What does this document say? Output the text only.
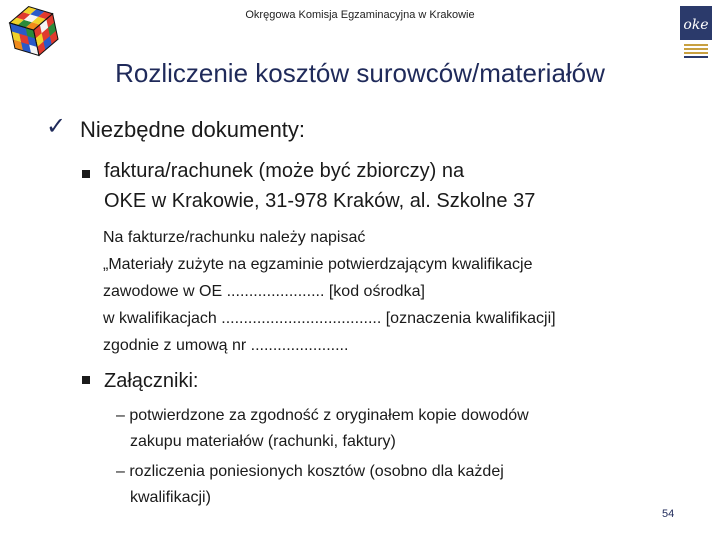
Okręgowa Komisja Egzaminacyjna w Krakowie
oke
Rozliczenie kosztów surowców/materiałów
✓ Niezbędne dokumenty:
faktura/rachunek (może być zbiorczy) na
OKE w Krakowie, 31-978 Kraków, al. Szkolne 37
Na fakturze/rachunku należy napisać
„Materiały zużyte na egzaminie potwierdzającym kwalifikacje
zawodowe w OE ...................... [kod ośrodka]
w kwalifikacjach .................................... [oznaczenia kwalifikacji]
zgodnie z umową nr ......................
Załączniki:
– potwierdzone za zgodność z oryginałem kopie dowodów
zakupu materiałów (rachunki, faktury)
– rozliczenia poniesionych kosztów (osobno dla każdej
kwalifikacji)
54
